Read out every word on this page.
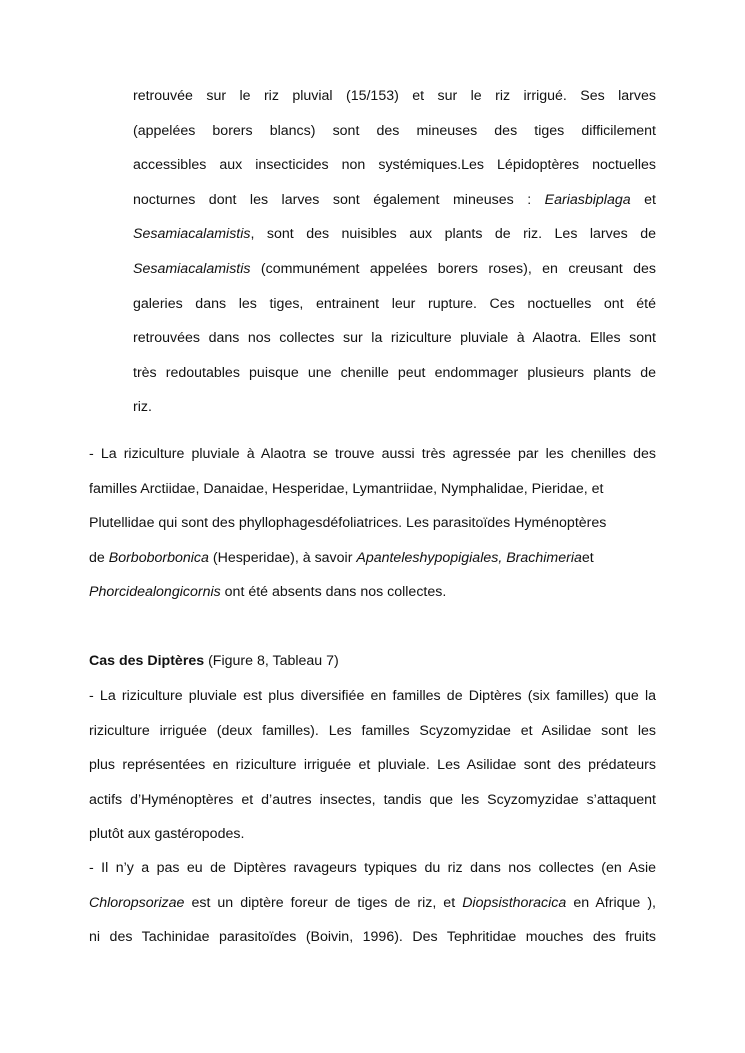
retrouvée sur le riz pluvial (15/153) et sur le riz irrigué. Ses larves
(appelées borers blancs) sont des mineuses des tiges difficilement
accessibles aux insecticides non systémiques.Les Lépidoptères noctuelles
nocturnes dont les larves sont également mineuses : Eariasbiplaga et
Sesamiacalamistis, sont des nuisibles aux plants de riz. Les larves de
Sesamiacalamistis (communément appelées borers roses), en creusant des
galeries dans les tiges, entrainent leur rupture. Ces noctuelles ont été
retrouvées dans nos collectes sur la riziculture pluviale à Alaotra. Elles sont
très redoutables puisque une chenille peut endommager plusieurs plants de
riz.
- La riziculture pluviale à Alaotra se trouve aussi très agressée par les chenilles des
familles Arctiidae, Danaidae, Hesperidae, Lymantriidae, Nymphalidae, Pieridae, et
Plutellidae qui sont des phyllophagesdéfoliatrices. Les parasitoïdes Hyménoptères
de Borboborbonica (Hesperidae), à savoir Apanteleshypopigiales, Brachimeriaet
Phorcidealongicornis ont été absents dans nos collectes.
Cas des Diptères (Figure 8, Tableau 7)
- La riziculture pluviale est plus diversifiée en familles de Diptères (six familles) que la
riziculture irriguée (deux familles). Les familles Scyzomyzidae et Asilidae sont les
plus représentées en riziculture irriguée et pluviale. Les Asilidae sont des prédateurs
actifs d’Hyménoptères et d’autres insectes, tandis que les Scyzomyzidae s’attaquent
plutôt aux gastéropodes.
- Il n’y a pas eu de Diptères ravageurs typiques du riz dans nos collectes (en Asie
Chloropsorizae est un diptère foreur de tiges de riz, et Diopsisthoracica en Afrique ),
ni des Tachinidae parasitoïdes (Boivin, 1996). Des Tephritidae mouches des fruits
